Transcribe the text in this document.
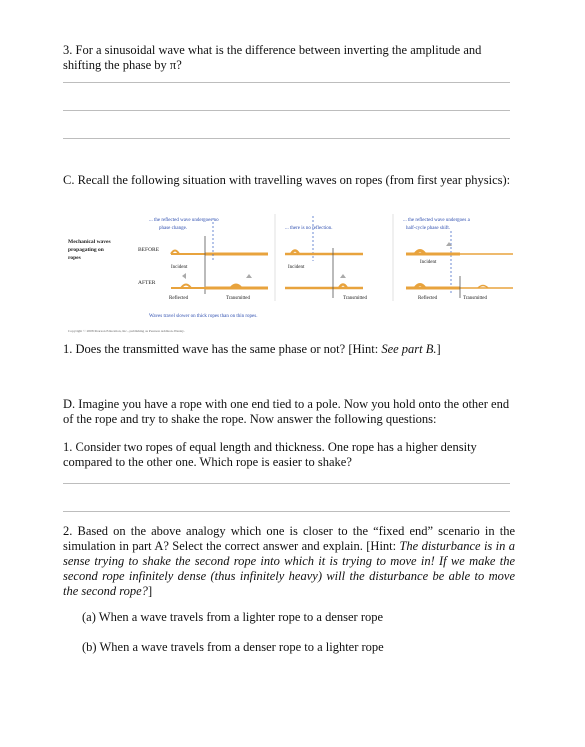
3. For a sinusoidal wave what is the difference between inverting the amplitude and shifting the phase by π?
C. Recall the following situation with travelling waves on ropes (from first year physics):
Mechanical waves
propagating on
ropes
BEFORE
AFTER
... the reflected wave undergoes no
phase change.
Incident
Reflected	Transmitted
... there is no reflection.
Incident
Transmitted
... the reflected wave undergoes a
half-cycle phase shift.
Incident
Reflected	Transmitted
Waves travel slower on thick ropes than on thin ropes.
Copyright © 2008 Pearson Education, Inc., publishing as Pearson Addison-Wesley.
1. Does the transmitted wave has the same phase or not? [Hint: See part B.]
D. Imagine you have a rope with one end tied to a pole. Now you hold onto the other end of the rope and try to shake the rope. Now answer the following questions:
1. Consider two ropes of equal length and thickness. One rope has a higher density compared to the other one. Which rope is easier to shake?
2. Based on the above analogy which one is closer to the “fixed end” scenario in the simulation in part A? Select the correct answer and explain. [Hint: The disturbance is in a sense trying to shake the second rope into which it is trying to move in! If we make the second rope infinitely dense (thus infinitely heavy) will the disturbance be able to move the second rope?]
(a) When a wave travels from a lighter rope to a denser rope
(b) When a wave travels from a denser rope to a lighter rope
